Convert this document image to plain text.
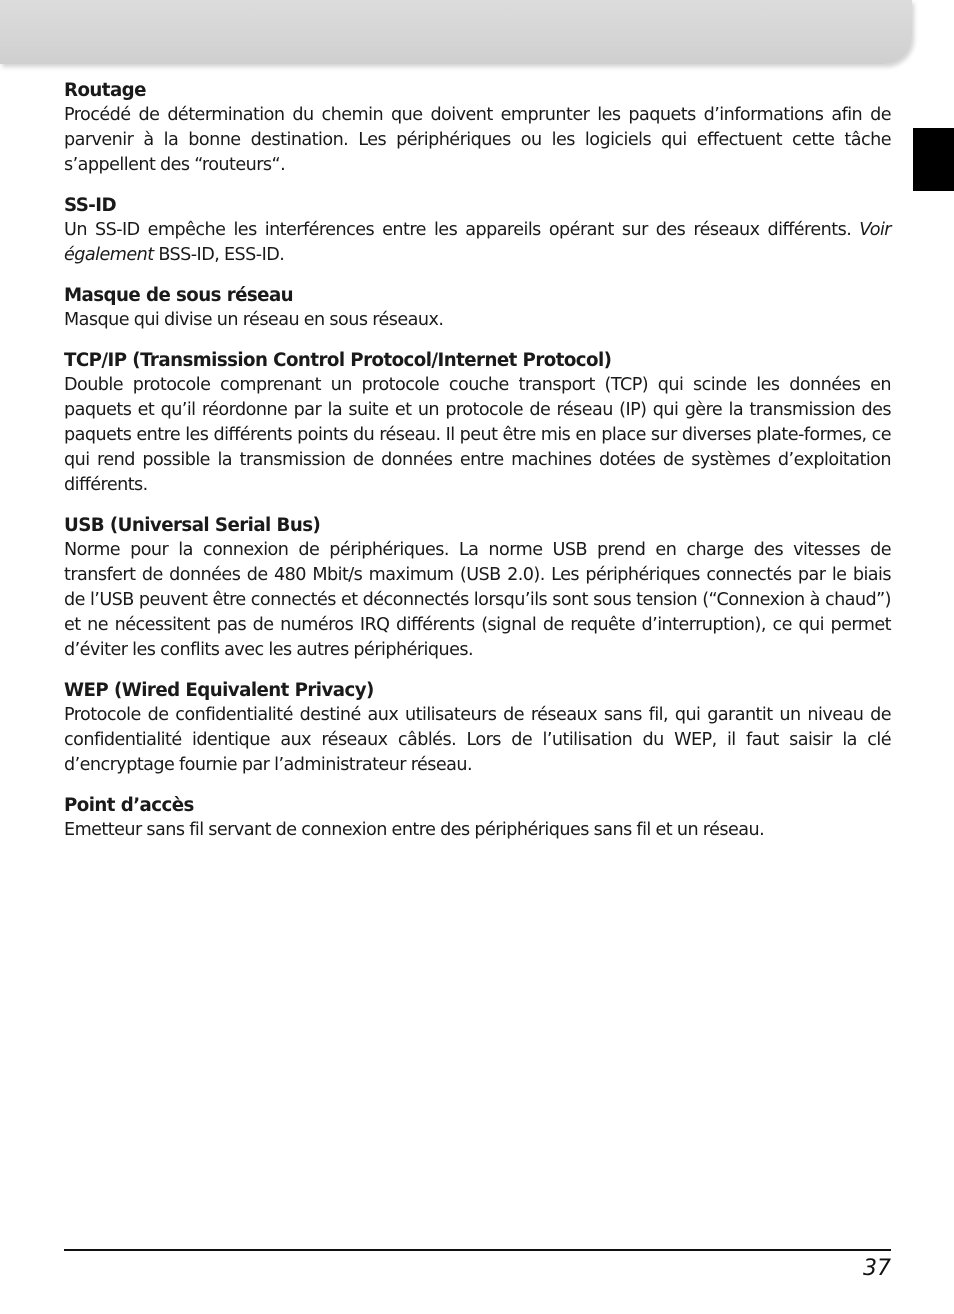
Routage

Procédé de détermination du chemin que doivent emprunter les paquets d’informations afin de parvenir à la bonne destination. Les périphériques ou les logiciels qui effectuent cette tâche s’appellent des “routeurs“.

SS-ID

Un SS-ID empêche les interférences entre les appareils opérant sur des réseaux différents. Voir également BSS-ID, ESS-ID.

Masque de sous réseau

Masque qui divise un réseau en sous réseaux.

TCP/IP (Transmission Control Protocol/Internet Protocol)

Double protocole comprenant un protocole couche transport (TCP) qui scinde les données en paquets et qu’il réordonne par la suite et un protocole de réseau (IP) qui gère la transmission des paquets entre les différents points du réseau. Il peut être mis en place sur diverses plate-formes, ce qui rend possible la transmission de données entre machines dotées de systèmes d’exploitation différents.

USB (Universal Serial Bus)

Norme pour la connexion de périphériques. La norme USB prend en charge des vitesses de transfert de données de 480 Mbit/s maximum (USB 2.0). Les périphériques connectés par le biais de l’USB peuvent être connectés et déconnectés lorsqu’ils sont sous tension (“Connexion à chaud”) et ne nécessitent pas de numéros IRQ différents (signal de requête d’interruption), ce qui permet d’éviter les conflits avec les autres périphériques.

WEP (Wired Equivalent Privacy)

Protocole de confidentialité destiné aux utilisateurs de réseaux sans fil, qui garantit un niveau de confidentialité identique aux réseaux câblés. Lors de l’utilisation du WEP, il faut saisir la clé d’encryptage fournie par l’administrateur réseau.

Point d’accès

Emetteur sans fil servant de connexion entre des périphériques sans fil et un réseau.

37
